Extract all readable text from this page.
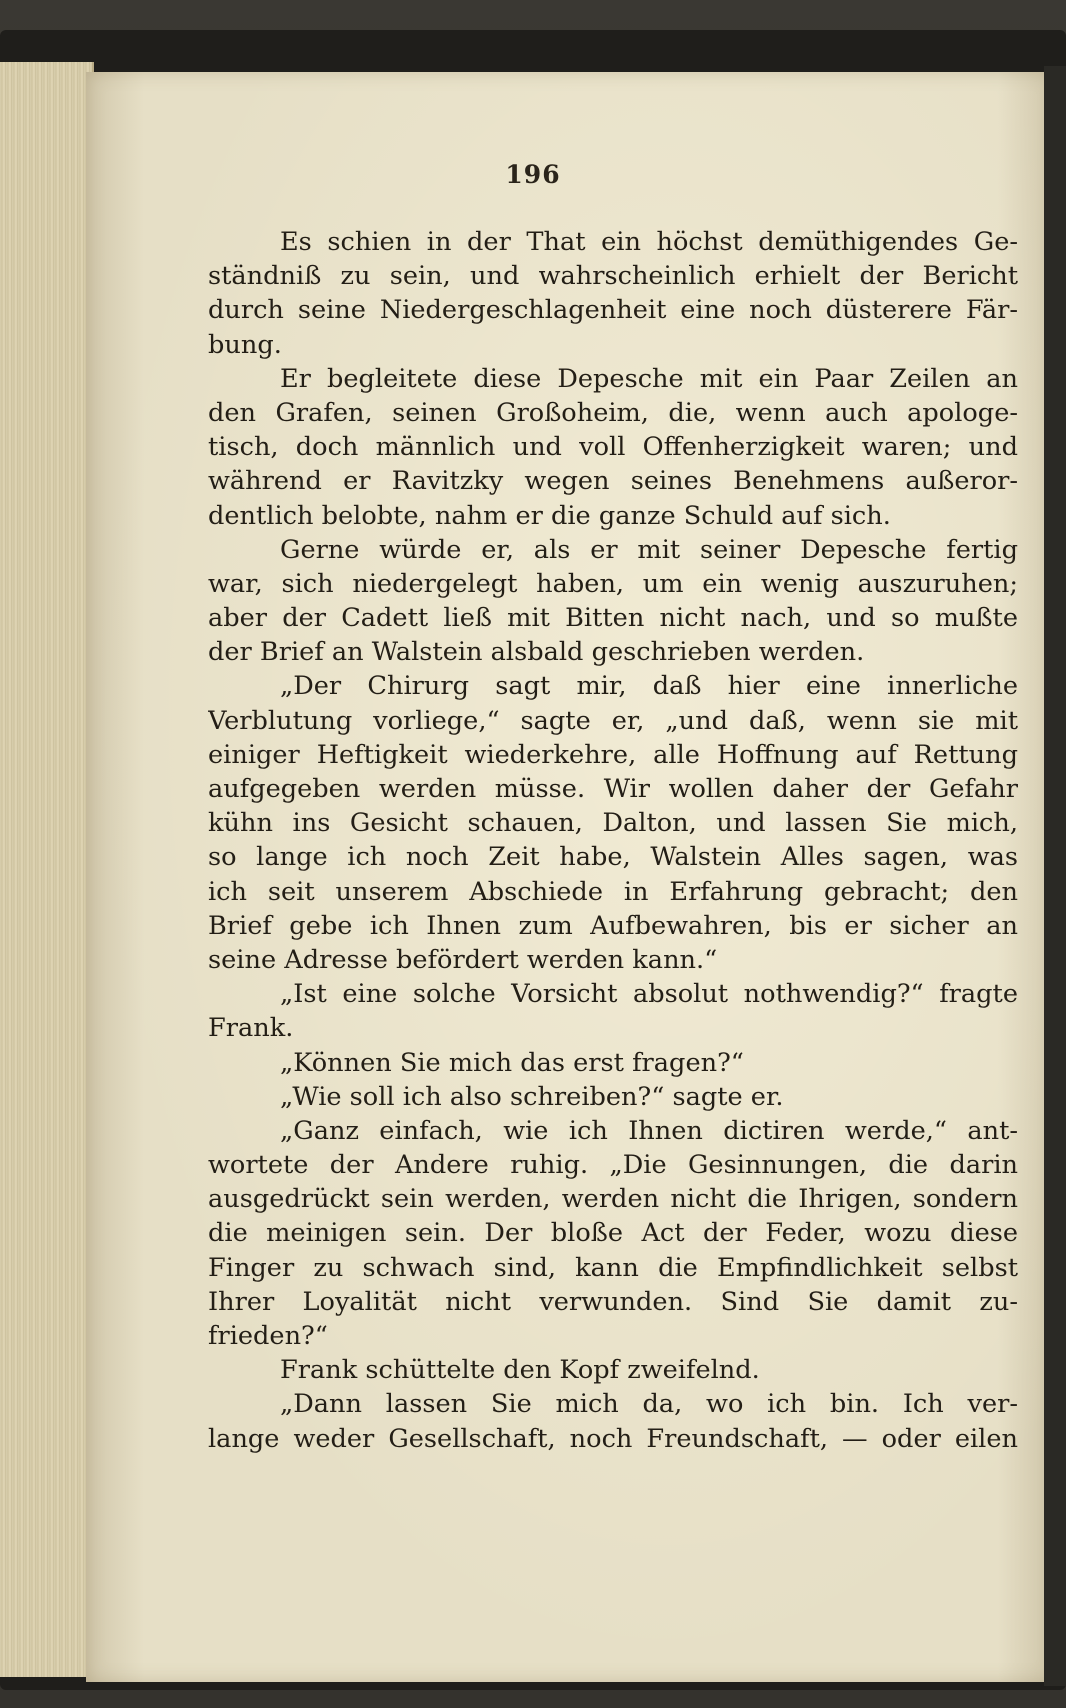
196
Es schien in der That ein höchst demüthigendes Ge-
ständniß zu sein, und wahrscheinlich erhielt der Bericht
durch seine Niedergeschlagenheit eine noch düsterere Fär-
bung.
Er begleitete diese Depesche mit ein Paar Zeilen an
den Grafen, seinen Großoheim, die, wenn auch apologe-
tisch, doch männlich und voll Offenherzigkeit waren; und
während er Ravitzky wegen seines Benehmens außeror-
dentlich belobte, nahm er die ganze Schuld auf sich.
Gerne würde er, als er mit seiner Depesche fertig
war, sich niedergelegt haben, um ein wenig auszuruhen;
aber der Cadett ließ mit Bitten nicht nach, und so mußte
der Brief an Walstein alsbald geschrieben werden.
„Der Chirurg sagt mir, daß hier eine innerliche
Verblutung vorliege,“ sagte er, „und daß, wenn sie mit
einiger Heftigkeit wiederkehre, alle Hoffnung auf Rettung
aufgegeben werden müsse. Wir wollen daher der Gefahr
kühn ins Gesicht schauen, Dalton, und lassen Sie mich,
so lange ich noch Zeit habe, Walstein Alles sagen, was
ich seit unserem Abschiede in Erfahrung gebracht; den
Brief gebe ich Ihnen zum Aufbewahren, bis er sicher an
seine Adresse befördert werden kann.“
„Ist eine solche Vorsicht absolut nothwendig?“ fragte
Frank.
„Können Sie mich das erst fragen?“
„Wie soll ich also schreiben?“ sagte er.
„Ganz einfach, wie ich Ihnen dictiren werde,“ ant-
wortete der Andere ruhig. „Die Gesinnungen, die darin
ausgedrückt sein werden, werden nicht die Ihrigen, sondern
die meinigen sein. Der bloße Act der Feder, wozu diese
Finger zu schwach sind, kann die Empfindlichkeit selbst
Ihrer Loyalität nicht verwunden. Sind Sie damit zu-
frieden?“
Frank schüttelte den Kopf zweifelnd.
„Dann lassen Sie mich da, wo ich bin. Ich ver-
lange weder Gesellschaft, noch Freundschaft, — oder eilen
